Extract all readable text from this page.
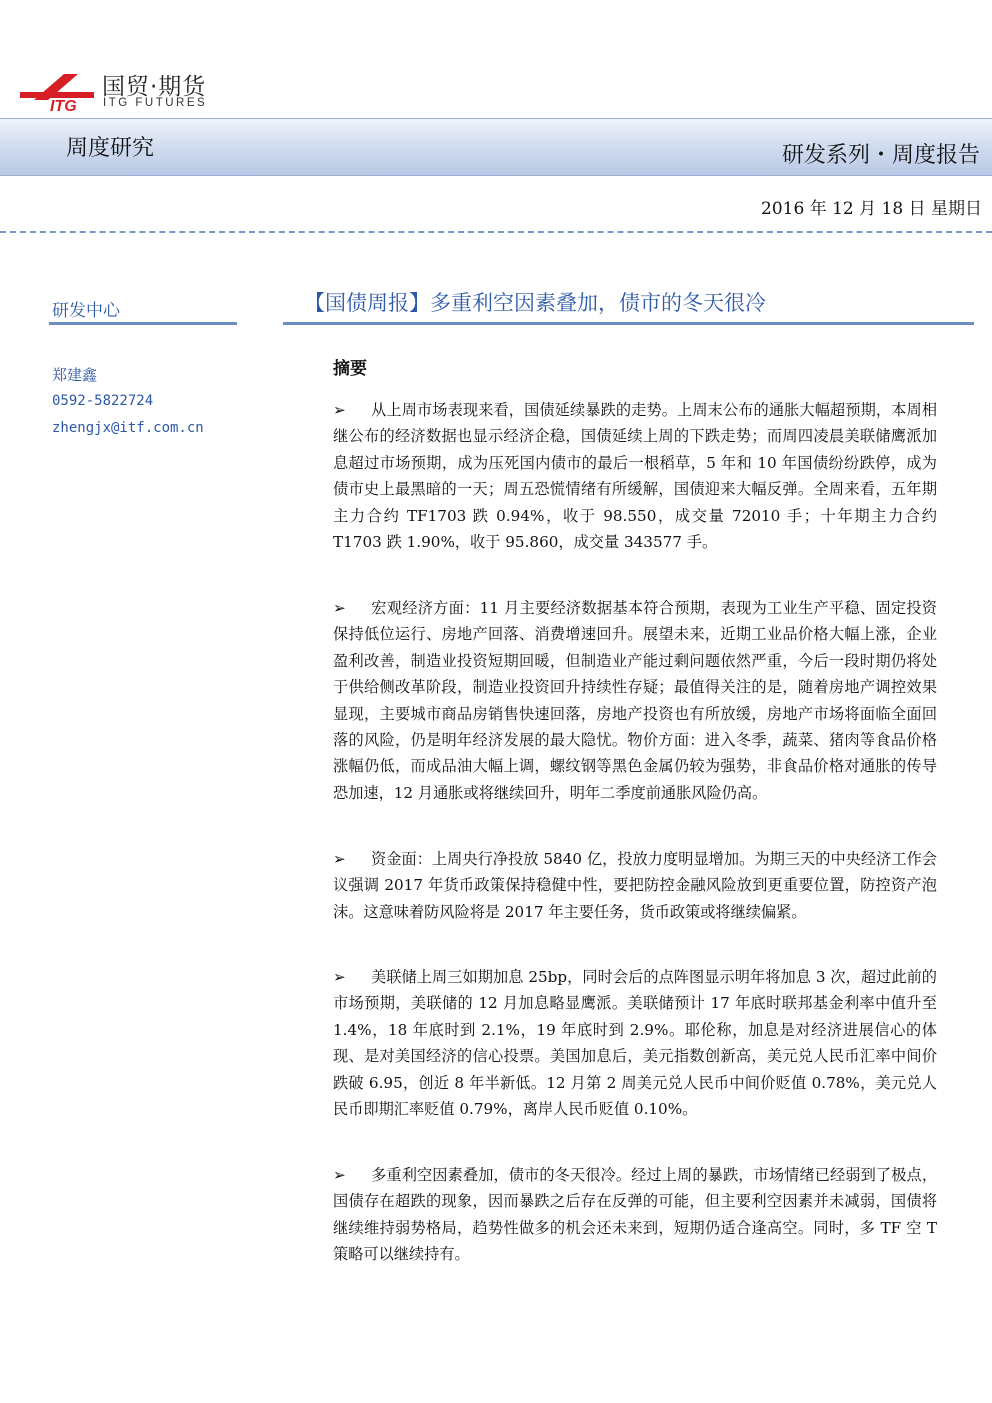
ITG
国贸·期货
ITG FUTURES
周度研究	研发系列・周度报告
2016 年 12 月 18 日 星期日
研发中心	【国债周报】多重利空因素叠加，债市的冬天很冷
郑建鑫
0592-5822724
zhengjx@itf.com.cn
摘要
➢ 从上周市场表现来看，国债延续暴跌的走势。上周末公布的通胀大幅超预期，本周相继公布的经济数据也显示经济企稳，国债延续上周的下跌走势；而周四凌晨美联储鹰派加息超过市场预期，成为压死国内债市的最后一根稻草，5 年和 10 年国债纷纷跌停，成为债市史上最黑暗的一天；周五恐慌情绪有所缓解，国债迎来大幅反弹。全周来看，五年期主力合约 TF1703 跌 0.94%，收于 98.550，成交量 72010 手；十年期主力合约 T1703 跌 1.90%，收于 95.860，成交量 343577 手。
➢ 宏观经济方面：11 月主要经济数据基本符合预期，表现为工业生产平稳、固定投资保持低位运行、房地产回落、消费增速回升。展望未来，近期工业品价格大幅上涨，企业盈利改善，制造业投资短期回暖，但制造业产能过剩问题依然严重，今后一段时期仍将处于供给侧改革阶段，制造业投资回升持续性存疑；最值得关注的是，随着房地产调控效果显现，主要城市商品房销售快速回落，房地产投资也有所放缓，房地产市场将面临全面回落的风险，仍是明年经济发展的最大隐忧。物价方面：进入冬季，蔬菜、猪肉等食品价格涨幅仍低，而成品油大幅上调，螺纹钢等黑色金属仍较为强势，非食品价格对通胀的传导恐加速，12 月通胀或将继续回升，明年二季度前通胀风险仍高。
➢ 资金面：上周央行净投放 5840 亿，投放力度明显增加。为期三天的中央经济工作会议强调 2017 年货币政策保持稳健中性，要把防控金融风险放到更重要位置，防控资产泡沫。这意味着防风险将是 2017 年主要任务，货币政策或将继续偏紧。
➢ 美联储上周三如期加息 25bp，同时会后的点阵图显示明年将加息 3 次，超过此前的市场预期，美联储的 12 月加息略显鹰派。美联储预计 17 年底时联邦基金利率中值升至 1.4%，18 年底时到 2.1%，19 年底时到 2.9%。耶伦称，加息是对经济进展信心的体现、是对美国经济的信心投票。美国加息后，美元指数创新高，美元兑人民币汇率中间价跌破 6.95，创近 8 年半新低。12 月第 2 周美元兑人民币中间价贬值 0.78%，美元兑人民币即期汇率贬值 0.79%，离岸人民币贬值 0.10%。
➢ 多重利空因素叠加，债市的冬天很冷。经过上周的暴跌，市场情绪已经弱到了极点，国债存在超跌的现象，因而暴跌之后存在反弹的可能，但主要利空因素并未减弱，国债将继续维持弱势格局，趋势性做多的机会还未来到，短期仍适合逢高空。同时，多 TF 空 T 策略可以继续持有。
